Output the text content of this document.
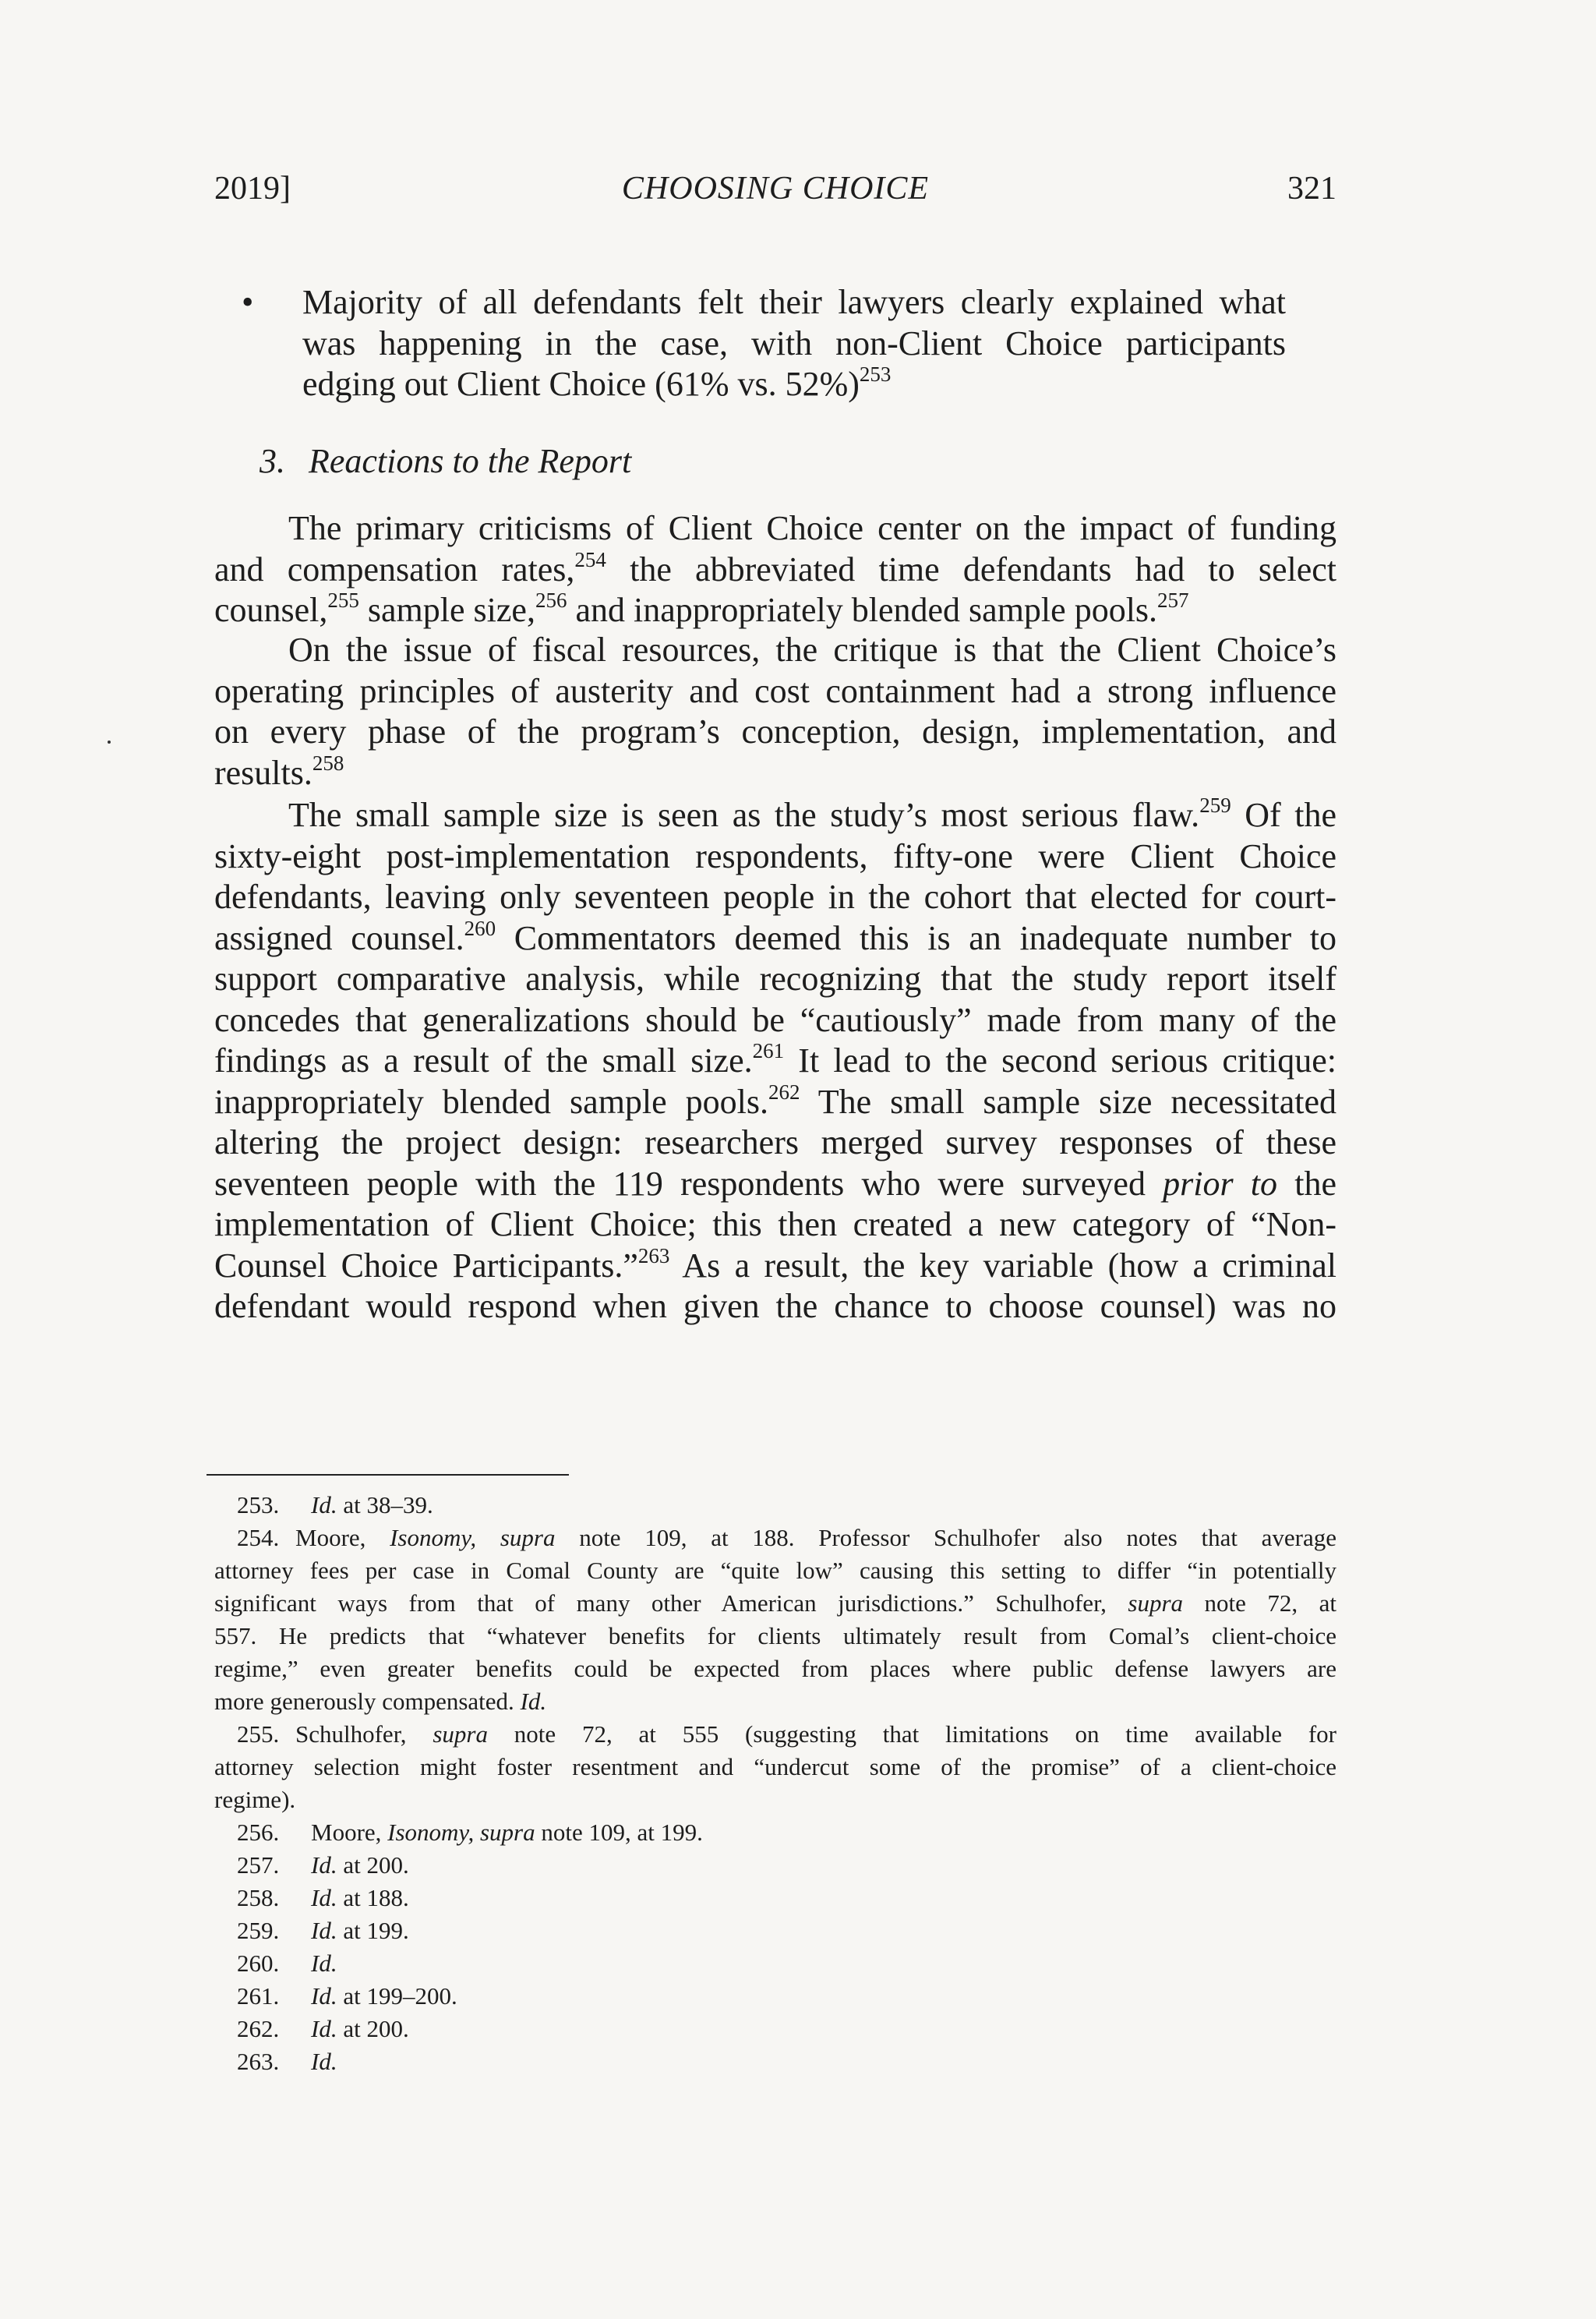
2019]	CHOOSING CHOICE	321
• Majority of all defendants felt their lawyers clearly explained what
was happening in the case, with non-Client Choice participants
edging out Client Choice (61% vs. 52%)$^{253}$
3. Reactions to the Report
The primary criticisms of Client Choice center on the impact of funding
and compensation rates,$^{254}$ the abbreviated time defendants had to select
counsel,$^{255}$ sample size,$^{256}$ and inappropriately blended sample pools.$^{257}$
On the issue of fiscal resources, the critique is that the Client Choice’s
operating principles of austerity and cost containment had a strong influence
on every phase of the program’s conception, design, implementation, and
results.$^{258}$
The small sample size is seen as the study’s most serious flaw.$^{259}$ Of the
sixty-eight post-implementation respondents, fifty-one were Client Choice
defendants, leaving only seventeen people in the cohort that elected for court-
assigned counsel.$^{260}$ Commentators deemed this is an inadequate number to
support comparative analysis, while recognizing that the study report itself
concedes that generalizations should be “cautiously” made from many of the
findings as a result of the small size.$^{261}$ It lead to the second serious critique:
inappropriately blended sample pools.$^{262}$ The small sample size necessitated
altering the project design: researchers merged survey responses of these
seventeen people with the 119 respondents who were surveyed prior to the
implementation of Client Choice; this then created a new category of “Non-
Counsel Choice Participants.”$^{263}$ As a result, the key variable (how a criminal
defendant would respond when given the chance to choose counsel) was no
253. Id. at 38–39.
254. Moore, Isonomy, supra note 109, at 188. Professor Schulhofer also notes that average
attorney fees per case in Comal County are “quite low” causing this setting to differ “in potentially
significant ways from that of many other American jurisdictions.” Schulhofer, supra note 72, at
557. He predicts that “whatever benefits for clients ultimately result from Comal’s client-choice
regime,” even greater benefits could be expected from places where public defense lawyers are
more generously compensated. Id.
255. Schulhofer, supra note 72, at 555 (suggesting that limitations on time available for
attorney selection might foster resentment and “undercut some of the promise” of a client-choice
regime).
256. Moore, Isonomy, supra note 109, at 199.
257. Id. at 200.
258. Id. at 188.
259. Id. at 199.
260. Id.
261. Id. at 199–200.
262. Id. at 200.
263. Id.
